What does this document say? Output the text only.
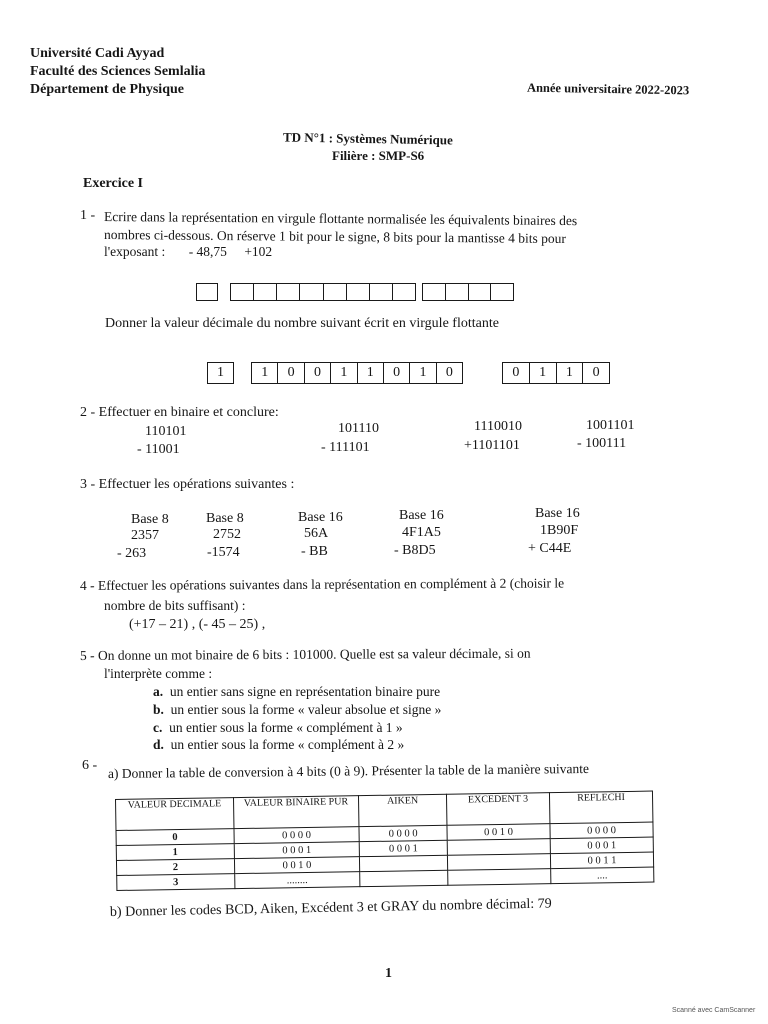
Université Cadi Ayyad
Faculté des Sciences Semlalia
Département de Physique	Année universitaire 2022-2023
TD N°1 : Systèmes Numérique
Filière : SMP-S6
Exercice I
1 - Ecrire dans la représentation en virgule flottante normalisée les équivalents binaires des
nombres ci-dessous. On réserve 1 bit pour le signe, 8 bits pour la mantisse 4 bits pour
l'exposant : - 48,75 +102
Donner la valeur décimale du nombre suivant écrit en virgule flottante
1	1	0	0	1	1	0	1	0	0	1	1	0
2 - Effectuer en binaire et conclure:
110101
- 11001
101110
- 111101
1110010
+1101101
1001101
- 100111
3 - Effectuer les opérations suivantes :
Base 8
2357
- 263
Base 8
2752
-1574
Base 16
56A
- BB
Base 16
4F1A5
- B8D5
Base 16
1B90F
+ C44E
4 - Effectuer les opérations suivantes dans la représentation en complément à 2 (choisir le
nombre de bits suffisant) :
(+17 – 21) , (- 45 – 25) ,
5 - On donne un mot binaire de 6 bits : 101000. Quelle est sa valeur décimale, si on
l'interprète comme :
a. un entier sans signe en représentation binaire pure
b. un entier sous la forme « valeur absolue et signe »
c. un entier sous la forme « complément à 1 »
d. un entier sous la forme « complément à 2 »
6 - a) Donner la table de conversion à 4 bits (0 à 9). Présenter la table de la manière suivante
VALEUR DECIMALE	VALEUR BINAIRE PUR	AIKEN	EXCEDENT 3	REFLECHI
0	0 0 0 0	0 0 0 0	0 0 1 0	0 0 0 0
1	0 0 0 1	0 0 0 1		0 0 0 1
2	0 0 1 0			0 0 1 1
3	........			....
b) Donner les codes BCD, Aiken, Excédent 3 et GRAY du nombre décimal: 79
1
Scanné avec CamScanner
